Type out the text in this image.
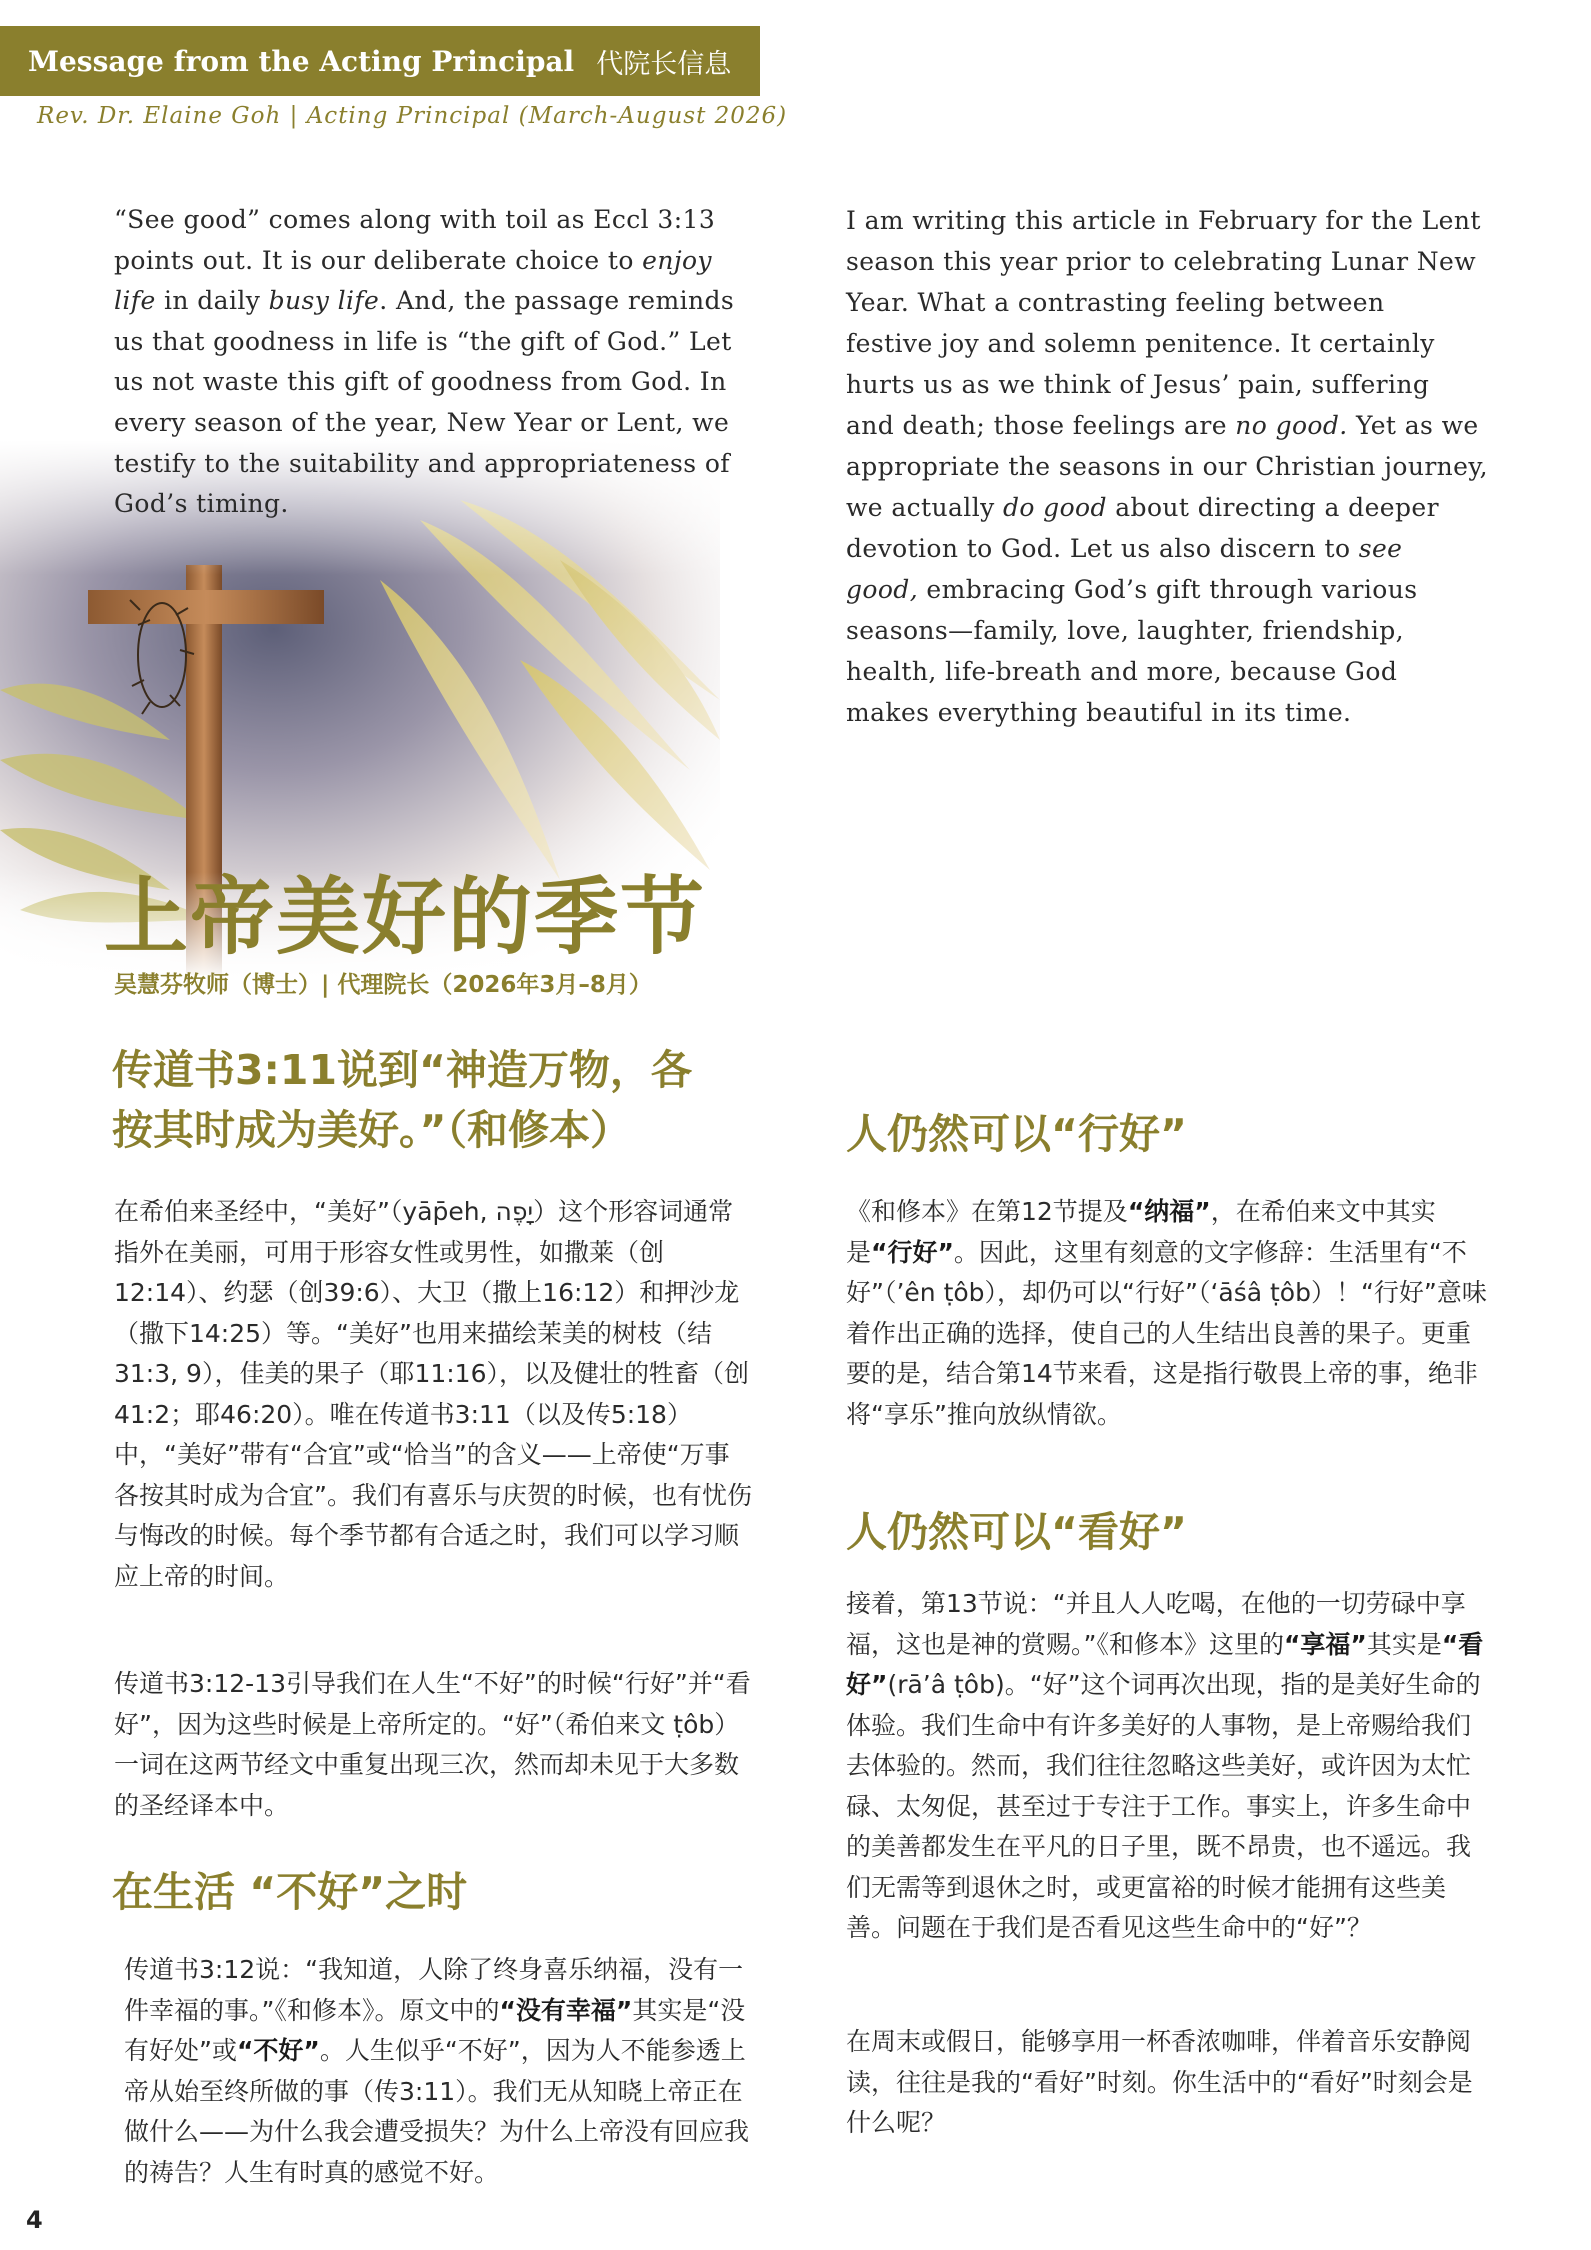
Message from the Acting Principal 代院长信息
Rev. Dr. Elaine Goh | Acting Principal (March-August 2026)
“See good” comes along with toil as Eccl 3:13
points out. It is our deliberate choice to enjoy
life in daily busy life. And, the passage reminds
us that goodness in life is “the gift of God.” Let
us not waste this gift of goodness from God. In
every season of the year, New Year or Lent, we
testify to the suitability and appropriateness of
God’s timing.
I am writing this article in February for the Lent
season this year prior to celebrating Lunar New
Year. What a contrasting feeling between
festive joy and solemn penitence. It certainly
hurts us as we think of Jesus’ pain, suffering
and death; those feelings are no good. Yet as we
appropriate the seasons in our Christian journey,
we actually do good about directing a deeper
devotion to God. Let us also discern to see
good, embracing God’s gift through various
seasons—family, love, laughter, friendship,
health, life-breath and more, because God
makes everything beautiful in its time.
上帝美好的季节
吴慧芬牧师（博士）| 代理院长（2026年3月–8月）
传道书3:11说到“神造万物，各
按其时成为美好。”（和修本）

在希伯来圣经中，“美好”（yāp̄eh, יָפֶה）这个形容词通常指外在美丽，可用于形容女性或男性，如撒莱（创12:14）、约瑟（创39:6）、大卫（撒上16:12）和押沙龙（撒下14:25）等。“美好”也用来描绘茉美的树枝（结31:3, 9），佳美的果子（耶11:16），以及健壮的牲畜（创41:2；耶46:20）。唯在传道书3:11（以及传5:18）中，“美好”带有“合宜”或“恰当”的含义——上帝使“万事各按其时成为合宜”。我们有喜乐与庆贺的时候，也有忧伤与悔改的时候。每个季节都有合适之时，我们可以学习顺应上帝的时间。

传道书3:12-13引导我们在人生“不好”的时候“行好”并“看好”，因为这些时候是上帝所定的。“好”（希伯来文 ṭôb）一词在这两节经文中重复出现三次，然而却未见于大多数的圣经译本中。

在生活 “不好”之时

传道书3:12说：“我知道，人除了终身喜乐纳福，没有一件幸福的事。”《和修本》。原文中的“没有幸福”其实是“没有好处”或“不好”。人生似乎“不好”，因为人不能参透上帝从始至终所做的事（传3:11）。我们无从知晓上帝正在做什么——为什么我会遭受损失？为什么上帝没有回应我的祷告？人生有时真的感觉不好。

人仍然可以“行好”

《和修本》在第12节提及“纳福”，在希伯来文中其实是“行好”。因此，这里有刻意的文字修辞：生活里有“不好”（’ên ṭôb），却仍可以“行好”（‘āśâ ṭôb）！“行好”意味着作出正确的选择，使自己的人生结出良善的果子。更重要的是，结合第14节来看，这是指行敬畏上帝的事，绝非将“享乐”推向放纵情欲。

人仍然可以“看好”

接着，第13节说：“并且人人吃喝，在他的一切劳碌中享福，这也是神的赏赐。”《和修本》这里的“享福”其实是“看好”(rā’â ṭôb)。“好”这个词再次出现，指的是美好生命的体验。我们生命中有许多美好的人事物，是上帝赐给我们去体验的。然而，我们往往忽略这些美好，或许因为太忙碌、太匆促，甚至过于专注于工作。事实上，许多生命中的美善都发生在平凡的日子里，既不昂贵，也不遥远。我们无需等到退休之时，或更富裕的时候才能拥有这些美善。问题在于我们是否看见这些生命中的“好”？

在周末或假日，能够享用一杯香浓咖啡，伴着音乐安静阅读，往往是我的“看好”时刻。你生活中的“看好”时刻会是什么呢？

4
